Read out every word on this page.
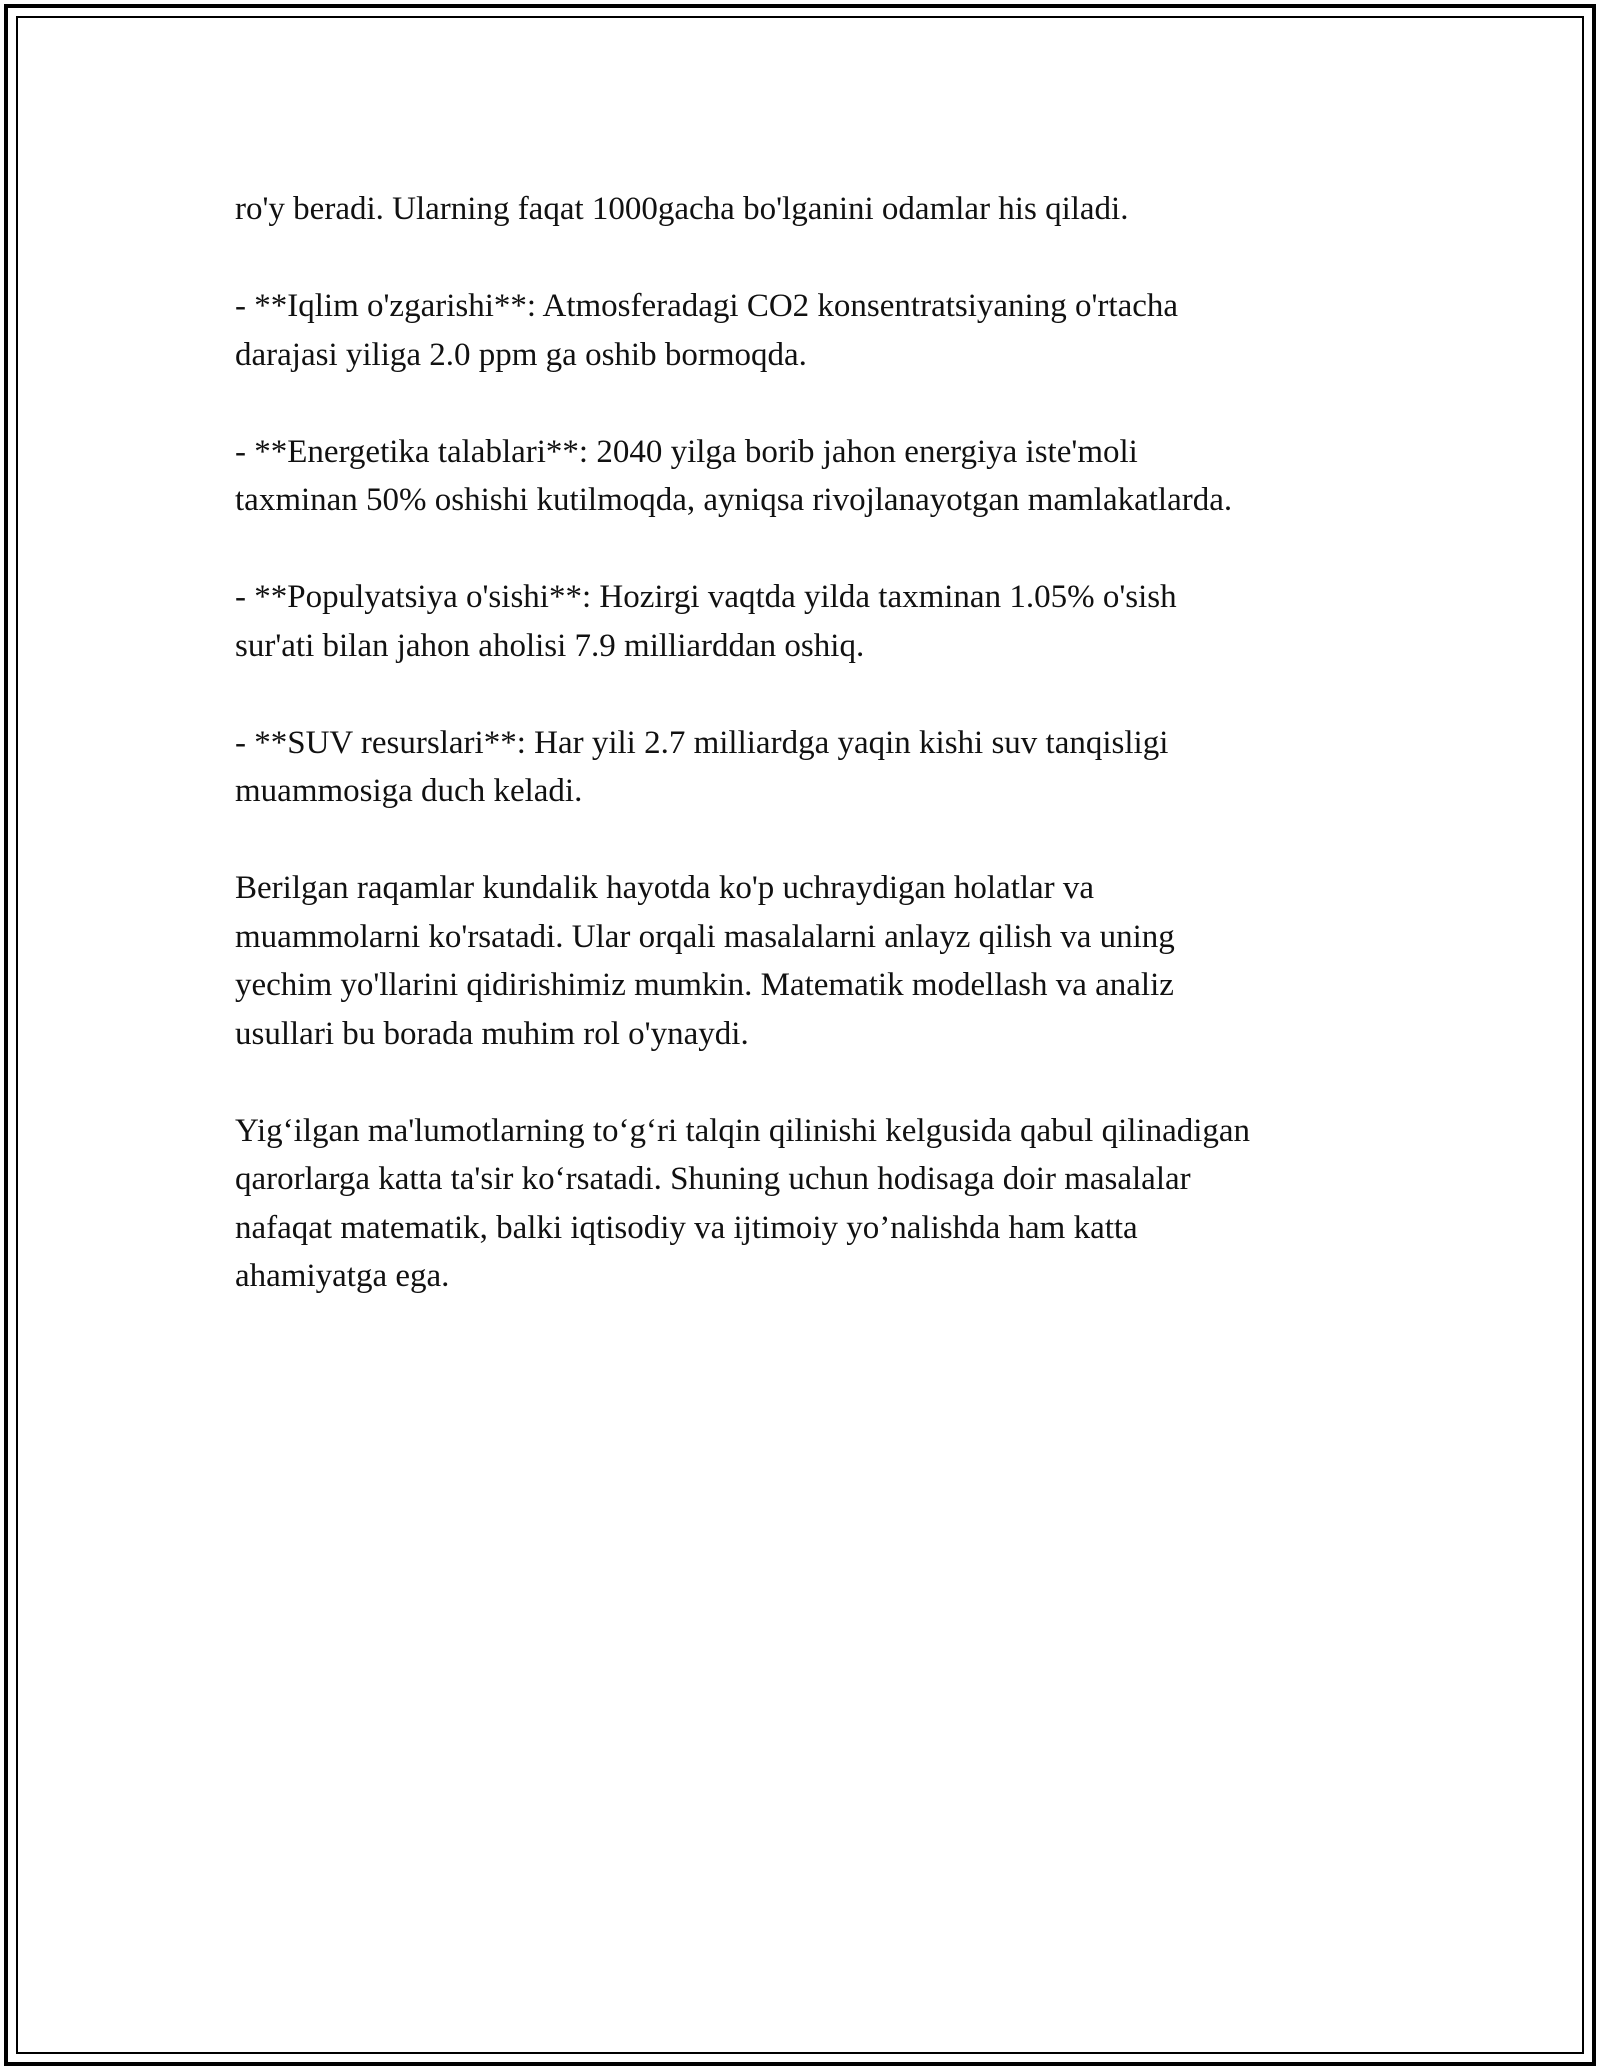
ro'y beradi. Ularning faqat 1000gacha bo'lganini odamlar his qiladi.

- **Iqlim o'zgarishi**: Atmosferadagi CO2 konsentratsiyaning o'rtacha
darajasi yiliga 2.0 ppm ga oshib bormoqda.

- **Energetika talablari**: 2040 yilga borib jahon energiya iste'moli
taxminan 50% oshishi kutilmoqda, ayniqsa rivojlanayotgan mamlakatlarda.

- **Populyatsiya o'sishi**: Hozirgi vaqtda yilda taxminan 1.05% o'sish
sur'ati bilan jahon aholisi 7.9 milliarddan oshiq.

- **SUV resurslari**: Har yili 2.7 milliardga yaqin kishi suv tanqisligi
muammosiga duch keladi.

Berilgan raqamlar kundalik hayotda ko'p uchraydigan holatlar va
muammolarni ko'rsatadi. Ular orqali masalalarni anlayz qilish va uning
yechim yo'llarini qidirishimiz mumkin. Matematik modellash va analiz
usullari bu borada muhim rol o'ynaydi.

Yig‘ilgan ma'lumotlarning to‘g‘ri talqin qilinishi kelgusida qabul qilinadigan
qarorlarga katta ta'sir ko‘rsatadi. Shuning uchun hodisaga doir masalalar
nafaqat matematik, balki iqtisodiy va ijtimoiy yo’nalishda ham katta
ahamiyatga ega.
